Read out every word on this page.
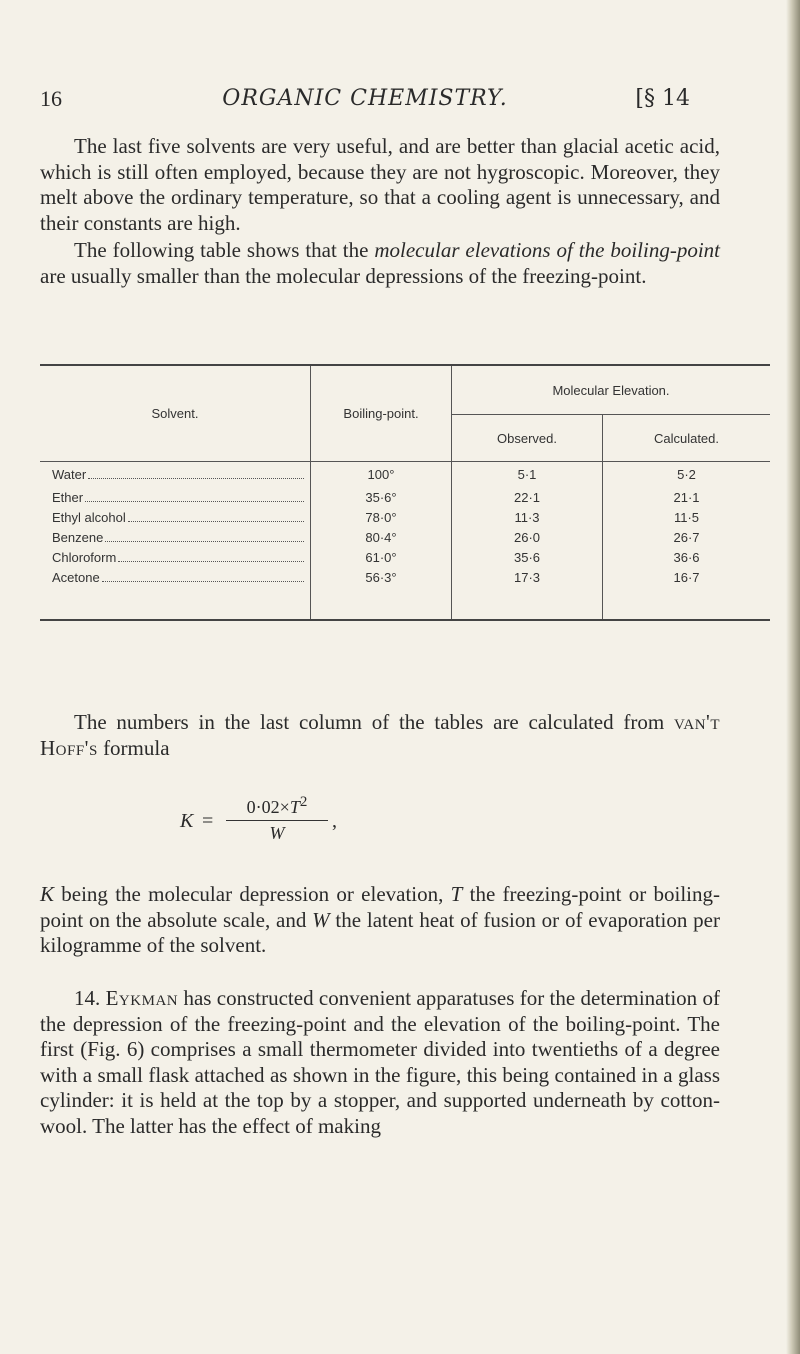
16	ORGANIC CHEMISTRY.	[§ 14

The last five solvents are very useful, and are better than glacial acetic acid, which is still often employed, because they are not hygroscopic. Moreover, they melt above the ordinary temperature, so that a cooling agent is unnecessary, and their constants are high.

The following table shows that the molecular elevations of the boiling-point are usually smaller than the molecular depressions of the freezing-point.

Solvent.	Boiling-point.	Molecular Elevation.	
		Observed.	Calculated.

Water	100°	5·1	5·2

Ether	35·6°	22·1	21·1

Ethyl alcohol	78·0°	11·3	11·5

Benzene	80·4°	26·0	26·7

Chloroform	61·0°	35·6	36·6

Acetone	56·3°	17·3	16·7

The numbers in the last column of the tables are calculated from van't Hoff's formula

$K = \frac{0\cdot 02\times T^2}{W}$ ,

K being the molecular depression or elevation, T the freezing-point or boiling-point on the absolute scale, and W the latent heat of fusion or of evaporation per kilogramme of the solvent.

14. Eykman has constructed convenient apparatuses for the determination of the depression of the freezing-point and the elevation of the boiling-point. The first (Fig. 6) comprises a small thermometer divided into twentieths of a degree with a small flask attached as shown in the figure, this being contained in a glass cylinder: it is held at the top by a stopper, and supported underneath by cotton-wool. The latter has the effect of making
